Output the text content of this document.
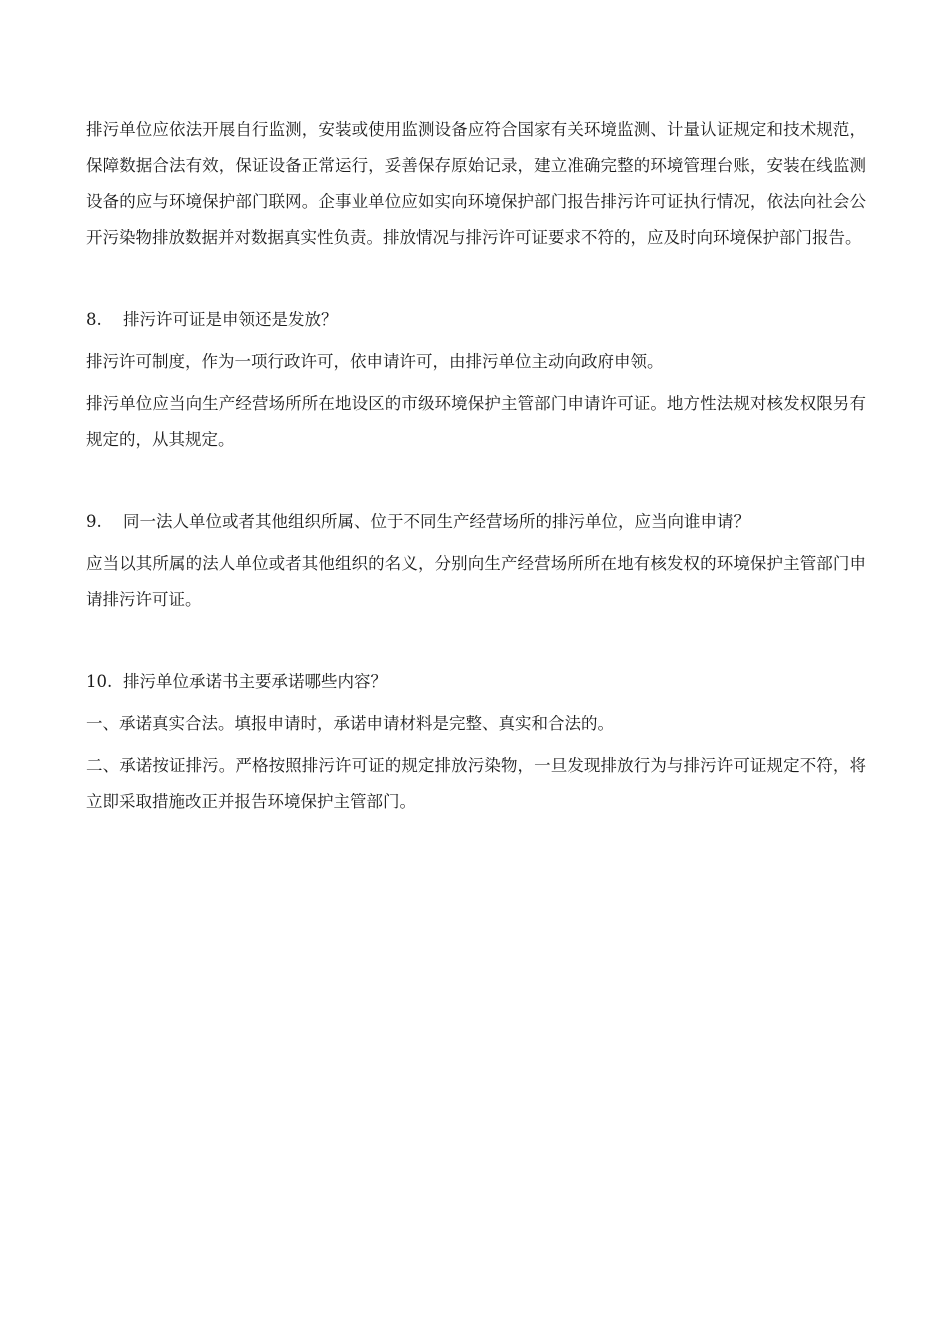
排污单位应依法开展自行监测，安装或使用监测设备应符合国家有关环境监测、计量认证规定和技术规范，保障数据合法有效，保证设备正常运行，妥善保存原始记录，建立准确完整的环境管理台账，安装在线监测设备的应与环境保护部门联网。企事业单位应如实向环境保护部门报告排污许可证执行情况，依法向社会公开污染物排放数据并对数据真实性负责。排放情况与排污许可证要求不符的，应及时向环境保护部门报告。

8.	排污许可证是申领还是发放？

排污许可制度，作为一项行政许可，依申请许可，由排污单位主动向政府申领。

排污单位应当向生产经营场所所在地设区的市级环境保护主管部门申请许可证。地方性法规对核发权限另有规定的，从其规定。

9.	同一法人单位或者其他组织所属、位于不同生产经营场所的排污单位，应当向谁申请？

应当以其所属的法人单位或者其他组织的名义，分别向生产经营场所所在地有核发权的环境保护主管部门申请排污许可证。

10. 排污单位承诺书主要承诺哪些内容？

一、承诺真实合法。填报申请时，承诺申请材料是完整、真实和合法的。

二、承诺按证排污。严格按照排污许可证的规定排放污染物，一旦发现排放行为与排污许可证规定不符，将立即采取措施改正并报告环境保护主管部门。
